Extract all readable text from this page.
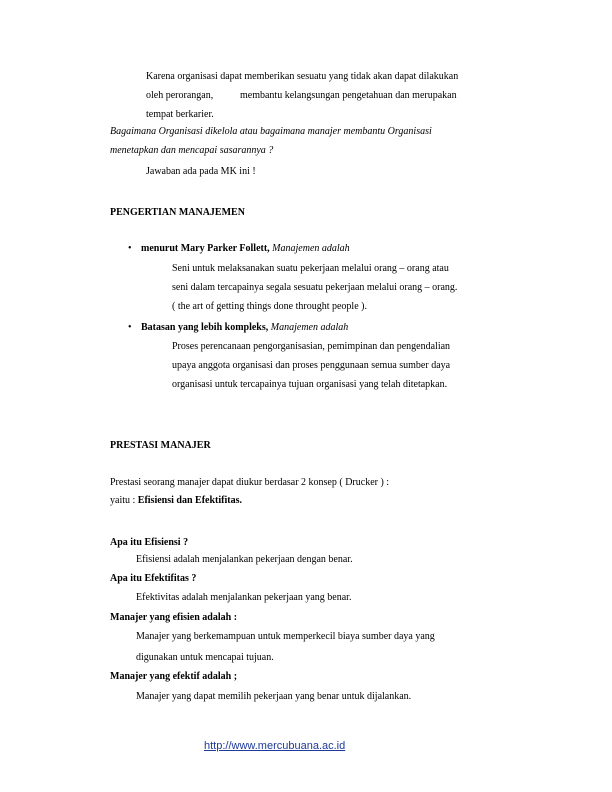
Karena organisasi dapat memberikan sesuatu yang tidak akan dapat dilakukan
oleh perorangan,	membantu kelangsungan pengetahuan dan merupakan
tempat berkarier.
Bagaimana Organisasi dikelola atau bagaimana manajer membantu Organisasi
menetapkan dan mencapai sasarannya ?
Jawaban ada pada MK ini !
PENGERTIAN MANAJEMEN
• menurut Mary Parker Follett, Manajemen adalah
Seni untuk melaksanakan suatu pekerjaan melalui orang – orang atau
seni dalam tercapainya segala sesuatu pekerjaan melalui orang – orang.
( the art of getting things done throught people ).
• Batasan yang lebih kompleks, Manajemen adalah
Proses perencanaan pengorganisasian, pemimpinan dan pengendalian
upaya anggota organisasi dan proses penggunaan semua sumber daya
organisasi untuk tercapainya tujuan organisasi yang telah ditetapkan.
PRESTASI MANAJER
Prestasi seorang manajer dapat diukur berdasar 2 konsep ( Drucker ) :
yaitu : Efisiensi dan Efektifitas.
Apa itu Efisiensi ?
Efisiensi adalah menjalankan pekerjaan dengan benar.
Apa itu Efektifitas ?
Efektivitas adalah menjalankan pekerjaan yang benar.
Manajer yang efisien adalah :
Manajer yang berkemampuan untuk memperkecil biaya sumber daya yang
digunakan untuk mencapai tujuan.
Manajer yang efektif adalah ;
Manajer yang dapat memilih pekerjaan yang benar untuk dijalankan.
http://www.mercubuana.ac.id
